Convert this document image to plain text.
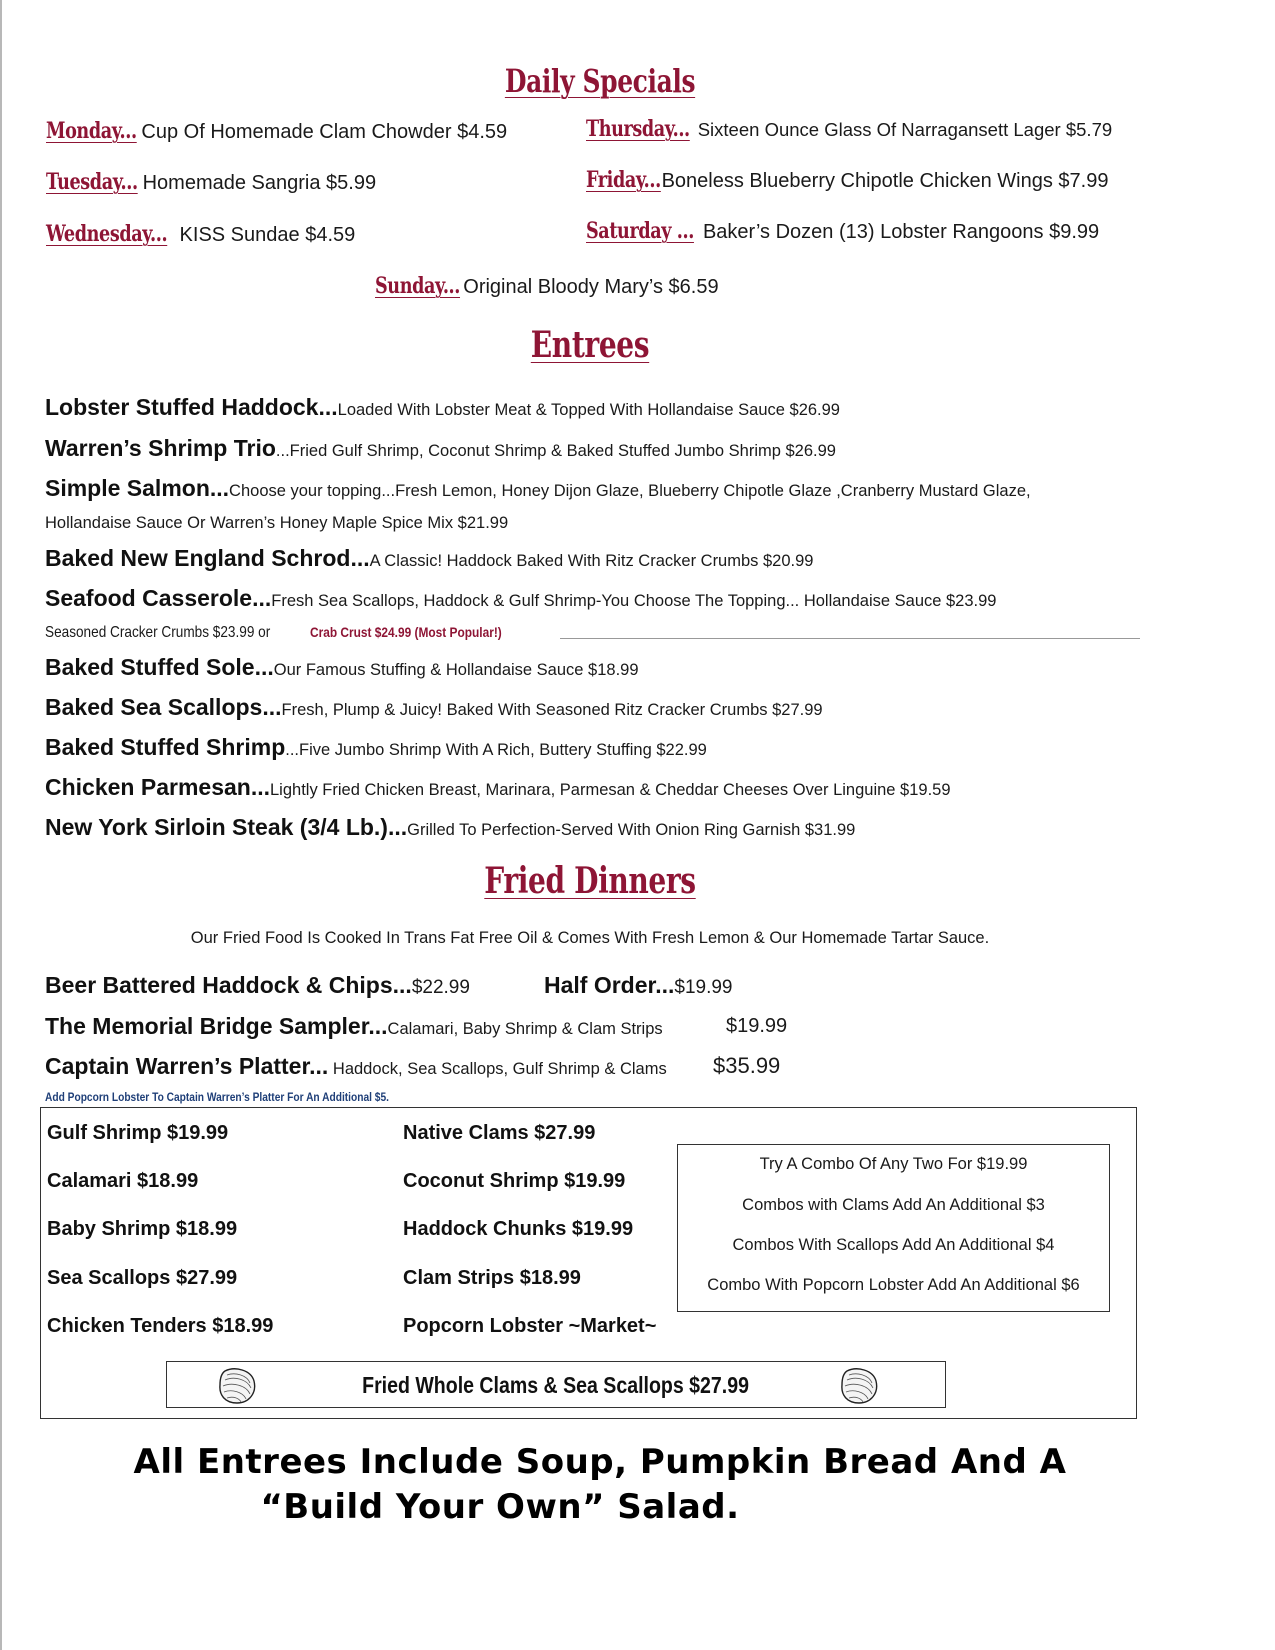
Daily Specials
Monday... Cup Of Homemade Clam Chowder $4.59
Tuesday... Homemade Sangria $5.99
Wednesday... KISS Sundae $4.59
Thursday... Sixteen Ounce Glass Of Narragansett Lager $5.79
Friday...Boneless Blueberry Chipotle Chicken Wings $7.99
Saturday ... Baker’s Dozen (13) Lobster Rangoons $9.99
Sunday... Original Bloody Mary’s $6.59
Entrees
Lobster Stuffed Haddock...Loaded With Lobster Meat & Topped With Hollandaise Sauce $26.99
Warren’s Shrimp Trio...Fried Gulf Shrimp, Coconut Shrimp & Baked Stuffed Jumbo Shrimp $26.99
Simple Salmon...Choose your topping...Fresh Lemon, Honey Dijon Glaze, Blueberry Chipotle Glaze ,Cranberry Mustard Glaze,
Hollandaise Sauce Or Warren’s Honey Maple Spice Mix $21.99
Baked New England Schrod...A Classic! Haddock Baked With Ritz Cracker Crumbs $20.99
Seafood Casserole...Fresh Sea Scallops, Haddock & Gulf Shrimp-You Choose The Topping... Hollandaise Sauce $23.99
Seasoned Cracker Crumbs $23.99 or	Crab Crust $24.99 (Most Popular!)
Baked Stuffed Sole...Our Famous Stuffing & Hollandaise Sauce $18.99
Baked Sea Scallops...Fresh, Plump & Juicy! Baked With Seasoned Ritz Cracker Crumbs $27.99
Baked Stuffed Shrimp...Five Jumbo Shrimp With A Rich, Buttery Stuffing $22.99
Chicken Parmesan...Lightly Fried Chicken Breast, Marinara, Parmesan & Cheddar Cheeses Over Linguine $19.59
New York Sirloin Steak (3/4 Lb.)...Grilled To Perfection-Served With Onion Ring Garnish $31.99
Fried Dinners
Our Fried Food Is Cooked In Trans Fat Free Oil & Comes With Fresh Lemon & Our Homemade Tartar Sauce.
Beer Battered Haddock & Chips...$22.99	Half Order...$19.99
The Memorial Bridge Sampler...Calamari, Baby Shrimp & Clam Strips	$19.99
Captain Warren’s Platter... Haddock, Sea Scallops, Gulf Shrimp & Clams $35.99
Add Popcorn Lobster To Captain Warren’s Platter For An Additional $5.
Gulf Shrimp $19.99
Calamari $18.99
Baby Shrimp $18.99
Sea Scallops $27.99
Chicken Tenders $18.99
Native Clams $27.99
Coconut Shrimp $19.99
Haddock Chunks $19.99
Clam Strips $18.99
Popcorn Lobster ~Market~
Try A Combo Of Any Two For $19.99
Combos with Clams Add An Additional $3
Combos With Scallops Add An Additional $4
Combo With Popcorn Lobster Add An Additional $6
Fried Whole Clams & Sea Scallops $27.99
All Entrees Include Soup, Pumpkin Bread And A
“Build Your Own” Salad.
